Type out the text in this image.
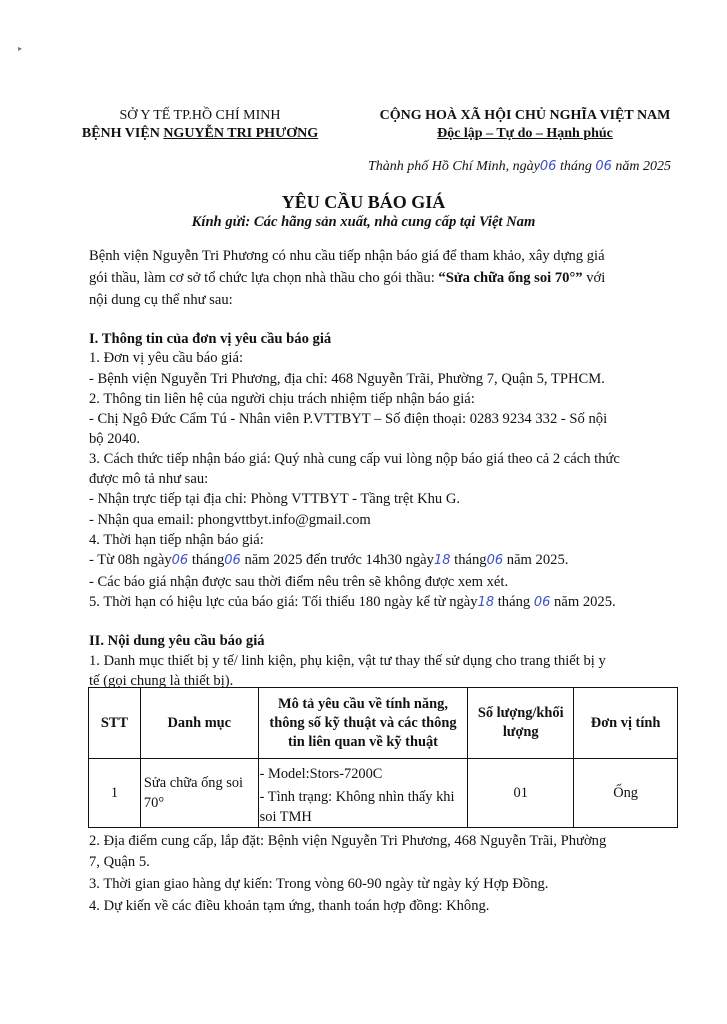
▸
SỞ Y TẾ TP.HỒ CHÍ MINH
BỆNH VIỆN NGUYỄN TRI PHƯƠNG
CỘNG HOÀ XÃ HỘI CHỦ NGHĨA VIỆT NAM
Độc lập – Tự do – Hạnh phúc
Thành phố Hồ Chí Minh, ngày06 tháng 06 năm 2025
YÊU CẦU BÁO GIÁ
Kính gửi: Các hãng sản xuất, nhà cung cấp tại Việt Nam
Bệnh viện Nguyễn Tri Phương có nhu cầu tiếp nhận báo giá để tham khảo, xây dựng giá
gói thầu, làm cơ sở tổ chức lựa chọn nhà thầu cho gói thầu: “Sửa chữa ống soi 70°” với
nội dung cụ thể như sau:
I. Thông tin của đơn vị yêu cầu báo giá
1. Đơn vị yêu cầu báo giá:
- Bệnh viện Nguyễn Tri Phương, địa chỉ: 468 Nguyễn Trãi, Phường 7, Quận 5, TPHCM.
2. Thông tin liên hệ của người chịu trách nhiệm tiếp nhận báo giá:
- Chị Ngô Đức Cẩm Tú - Nhân viên P.VTTBYT – Số điện thoại: 0283 9234 332 - Số nội
bộ 2040.
3. Cách thức tiếp nhận báo giá: Quý nhà cung cấp vui lòng nộp báo giá theo cả 2 cách thức
được mô tả như sau:
- Nhận trực tiếp tại địa chỉ: Phòng VTTBYT - Tầng trệt Khu G.
- Nhận qua email: phongvttbyt.info@gmail.com
4. Thời hạn tiếp nhận báo giá:
- Từ 08h ngày06 tháng06 năm 2025 đến trước 14h30 ngày18 tháng06 năm 2025.
- Các báo giá nhận được sau thời điểm nêu trên sẽ không được xem xét.
5. Thời hạn có hiệu lực của báo giá: Tối thiểu 180 ngày kể từ ngày18 tháng 06 năm 2025.
II. Nội dung yêu cầu báo giá
1. Danh mục thiết bị y tế/ linh kiện, phụ kiện, vật tư thay thế sử dụng cho trang thiết bị y
tế (gọi chung là thiết bị).
STT	Danh mục	Mô tả yêu cầu về tính năng, thông số kỹ thuật và các thông tin liên quan về kỹ thuật	Số lượng/khối lượng	Đơn vị tính
1	Sửa chữa ống soi 70°	- Model:Stors-7200C
- Tình trạng: Không nhìn thấy khi soi TMH	01	Ống
2. Địa điểm cung cấp, lắp đặt: Bệnh viện Nguyễn Tri Phương, 468 Nguyễn Trãi, Phường
7, Quận 5.
3. Thời gian giao hàng dự kiến: Trong vòng 60-90 ngày từ ngày ký Hợp Đồng.
4. Dự kiến về các điều khoản tạm ứng, thanh toán hợp đồng: Không.
